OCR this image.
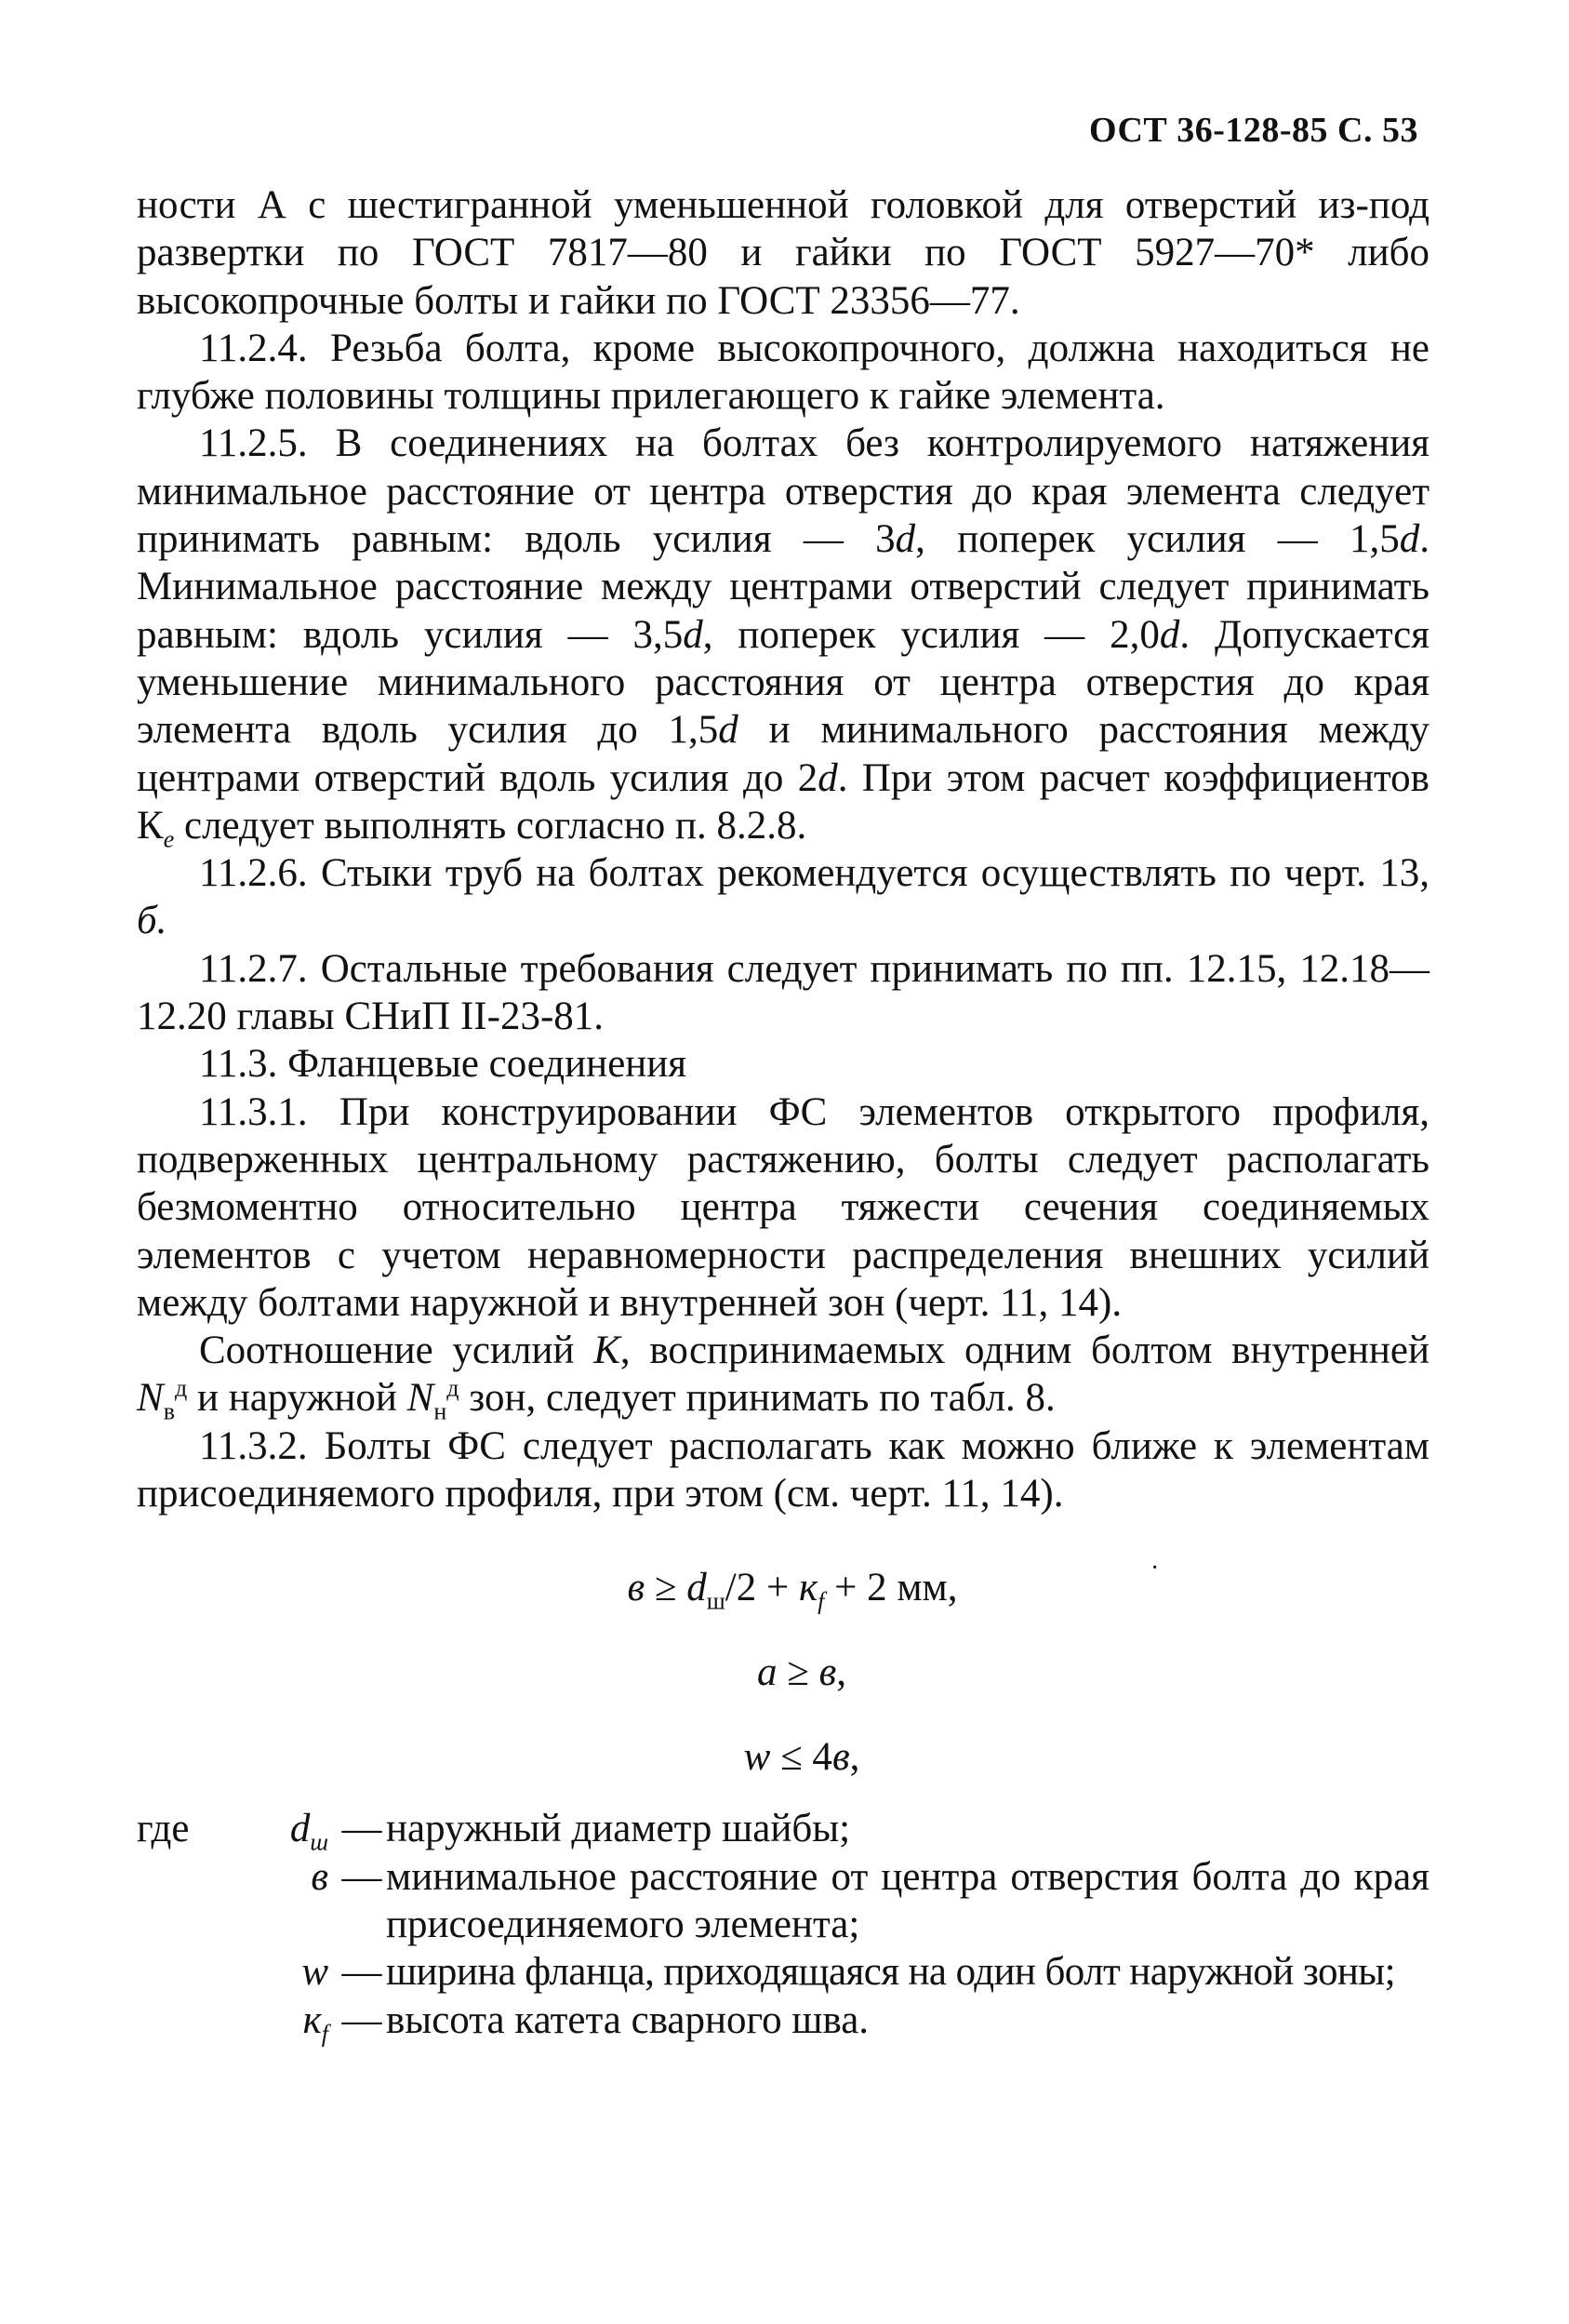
ОСТ 36-128-85 С. 53

ности А с шестигранной уменьшенной головкой для отверстий из-под развертки по ГОСТ 7817—80 и гайки по ГОСТ 5927—70* либо высокопрочные болты и гайки по ГОСТ 23356—77.

11.2.4. Резьба болта, кроме высокопрочного, должна находиться не глубже половины толщины прилегающего к гайке элемента.

11.2.5. В соединениях на болтах без контролируемого натяжения минимальное расстояние от центра отверстия до края элемента следует принимать равным: вдоль усилия — 3d, поперек усилия — 1,5d. Минимальное расстояние между центрами отверстий следует принимать равным: вдоль усилия — 3,5d, поперек усилия — 2,0d. Допускается уменьшение минимального расстояния от центра отверстия до края элемента вдоль усилия до 1,5d и минимального расстояния между центрами отверстий вдоль усилия до 2d. При этом расчет коэффициентов $К_e$ следует выполнять согласно п. 8.2.8.

11.2.6. Стыки труб на болтах рекомендуется осуществлять по черт. 13, б.

11.2.7. Остальные требования следует принимать по пп. 12.15, 12.18—12.20 главы СНиП II-23-81.

11.3. Фланцевые соединения

11.3.1. При конструировании ФС элементов открытого профиля, подверженных центральному растяжению, болты следует располагать безмоментно относительно центра тяжести сечения соединяемых элементов с учетом неравномерности распределения внешних усилий между болтами наружной и внутренней зон (черт. 11, 14).

Соотношение усилий K, воспринимаемых одним болтом внутренней $N_в^д$ и наружной $N_н^д$ зон, следует принимать по табл. 8.

11.3.2. Болты ФС следует располагать как можно ближе к элементам присоединяемого профиля, при этом (см. черт. 11, 14).

$в \ge d_ш/2 + к_f + 2$ мм,
a ≥ в,
w ≤ 4в,
где	$d_ш$ — наружный диаметр шайбы;
в — минимальное расстояние от центра отверстия болта до края присоединяемого элемента;
w — ширина фланца, приходящаяся на один болт наружной зоны;
$к_f$ — высота катета сварного шва.
·
